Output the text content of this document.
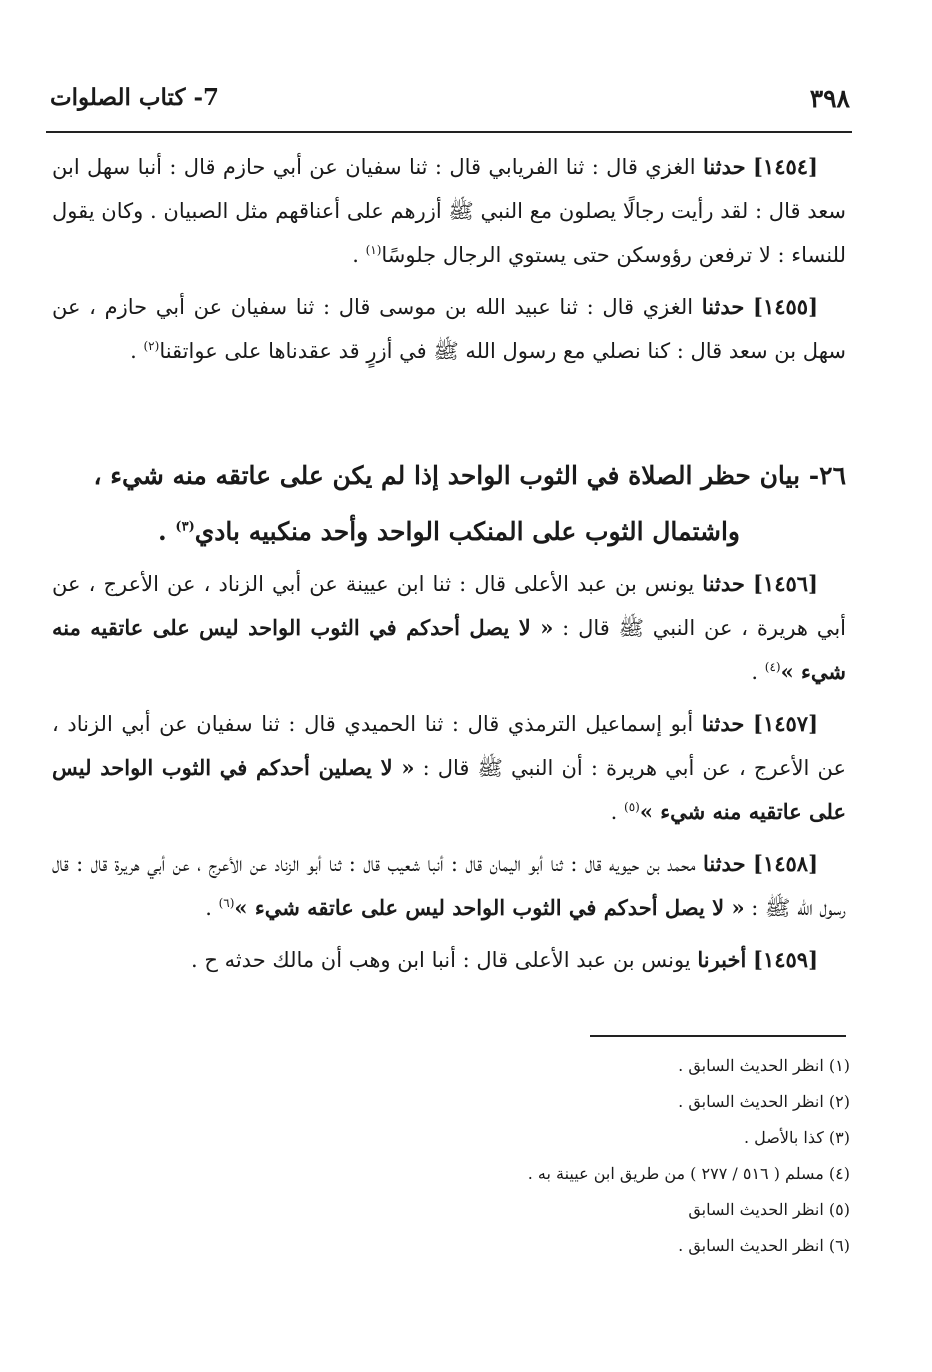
٣٩٨
7- كتاب الصلوات

[١٤٥٤] حدثنا الغزي قال : ثنا الفريابي قال : ثنا سفيان عن أبي حازم قال : أنبا سهل ابن سعد قال : لقد رأيت رجالًا يصلون مع النبي ﷺ أزرهم على أعناقهم مثل الصبيان . وكان يقول للنساء : لا ترفعن رؤوسكن حتى يستوي الرجال جلوسًا$^{(١)}$ .

[١٤٥٥] حدثنا الغزي قال : ثنا عبيد الله بن موسى قال : ثنا سفيان عن أبي حازم ، عن سهل بن سعد قال : كنا نصلي مع رسول الله ﷺ في أزرٍ قد عقدناها على عواتقنا$^{(٢)}$ .

٢٦- بيان حظر الصلاة في الثوب الواحد إذا لم يكن على عاتقه منه شيء ،
واشتمال الثوب على المنكب الواحد وأحد منكبيه بادي$^{(٣)}$ .

[١٤٥٦] حدثنا يونس بن عبد الأعلى قال : ثنا ابن عيينة عن أبي الزناد ، عن الأعرج ، عن أبي هريرة ، عن النبي ﷺ قال : « لا يصل أحدكم في الثوب الواحد ليس على عاتقيه منه شيء »$^{(٤)}$ .

[١٤٥٧] حدثنا أبو إسماعيل الترمذي قال : ثنا الحميدي قال : ثنا سفيان عن أبي الزناد ، عن الأعرج ، عن أبي هريرة : أن النبي ﷺ قال : « لا يصلين أحدكم في الثوب الواحد ليس على عاتقيه منه شيء »$^{(٥)}$ .

[١٤٥٨] حدثنا محمد بن حيويه قال : ثنا أبو اليمان قال : أنبا شعيب قال : ثنا أبو الزناد عن الأعرج ، عن أبي هريرة قال : قال رسول الله ﷺ : « لا يصل أحدكم في الثوب الواحد ليس على عاتقه شيء »$^{(٦)}$ .

[١٤٥٩] أخبرنا يونس بن عبد الأعلى قال : أنبا ابن وهب أن مالك حدثه ح .

(١) انظر الحديث السابق .
(٢) انظر الحديث السابق .
(٣) كذا بالأصل .
(٤) مسلم ( ٥١٦ / ٢٧٧ ) من طريق ابن عيينة به .
(٥) انظر الحديث السابق
(٦) انظر الحديث السابق .
